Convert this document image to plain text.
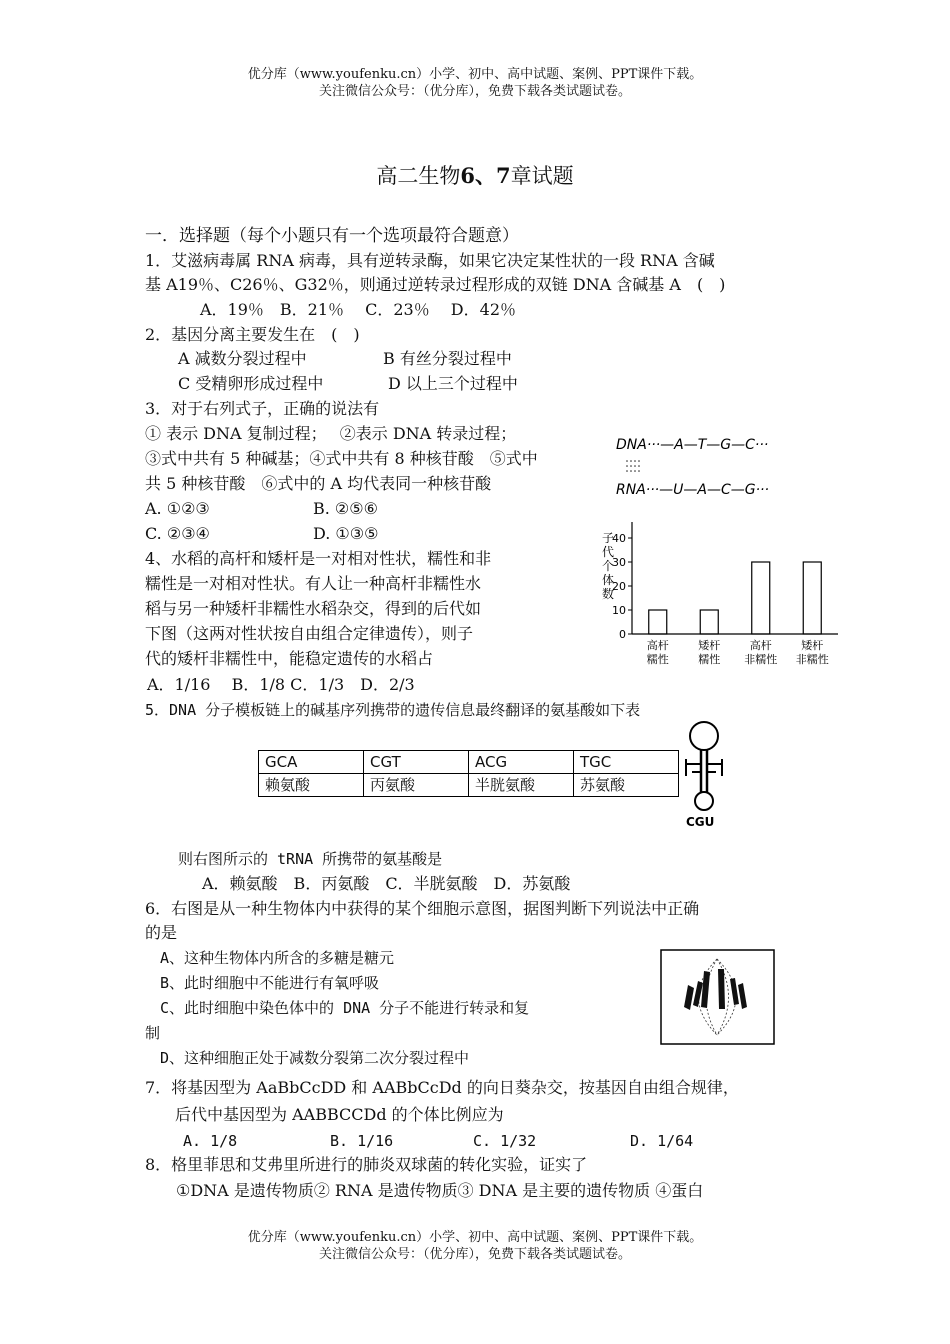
优分库（www.youfenku.cn）小学、初中、高中试题、案例、PPT课件下载。
关注微信公众号：（优分库），免费下载各类试题试卷。
高二生物6、7章试题
一．选择题（每个小题只有一个选项最符合题意）
1．艾滋病毒属 RNA 病毒，具有逆转录酶，如果它决定某性状的一段 RNA 含碱
基 A19％、C26％、G32％，则通过逆转录过程形成的双链 DNA 含碱基 A　(　)
A．19％　B．21％　 C．23％　 D．42％
2．基因分离主要发生在　(　)
A 减数分裂过程中	B 有丝分裂过程中
C 受精卵形成过程中	D 以上三个过程中
3．对于右列式子，正确的说法有
① 表示 DNA 复制过程；　 ②表示 DNA 转录过程；
③式中共有 5 种碱基；④式中共有 8 种核苷酸　⑤式中
共 5 种核苷酸　⑥式中的 A 均代表同一种核苷酸
A. ①②③	B. ②⑤⑥
C. ②③④	D. ①③⑤
DNA···—A—T—G—C···
RNA···—U—A—C—G···
4、水稻的高杆和矮杆是一对相对性状，糯性和非
糯性是一对相对性状。有人让一种高杆非糯性水
稻与另一种矮杆非糯性水稻杂交，得到的后代如
下图（这两对性状按自由组合定律遗传），则子
代的矮杆非糯性中，能稳定遗传的水稻占
A．1/16　 B．1/8 C．1/3　D．2/3
子代个体数
0
10
20
30
40
高杆
糯性
矮杆
糯性
高杆
非糯性
矮杆
非糯性
5．DNA 分子模板链上的碱基序列携带的遗传信息最终翻译的氨基酸如下表
GCA	CGT	ACG	TGC
赖氨酸	丙氨酸	半胱氨酸	苏氨酸
CGU
则右图所示的 tRNA 所携带的氨基酸是
A．赖氨酸　B．丙氨酸　C．半胱氨酸　D．苏氨酸
6．右图是从一种生物体内中获得的某个细胞示意图，据图判断下列说法中正确
的是
A、这种生物体内所含的多糖是糖元
B、此时细胞中不能进行有氧呼吸
C、此时细胞中染色体中的 DNA 分子不能进行转录和复
制
D、这种细胞正处于减数分裂第二次分裂过程中
7．将基因型为 AaBbCcDD 和 AABbCcDd 的向日葵杂交，按基因自由组合规律，
后代中基因型为 AABBCCDd 的个体比例应为
A. 1/8	B. 1/16	C. 1/32	D. 1/64
8．格里菲思和艾弗里所进行的肺炎双球菌的转化实验，证实了
①DNA 是遗传物质② RNA 是遗传物质③ DNA 是主要的遗传物质 ④蛋白
优分库（www.youfenku.cn）小学、初中、高中试题、案例、PPT课件下载。
关注微信公众号：（优分库），免费下载各类试题试卷。
